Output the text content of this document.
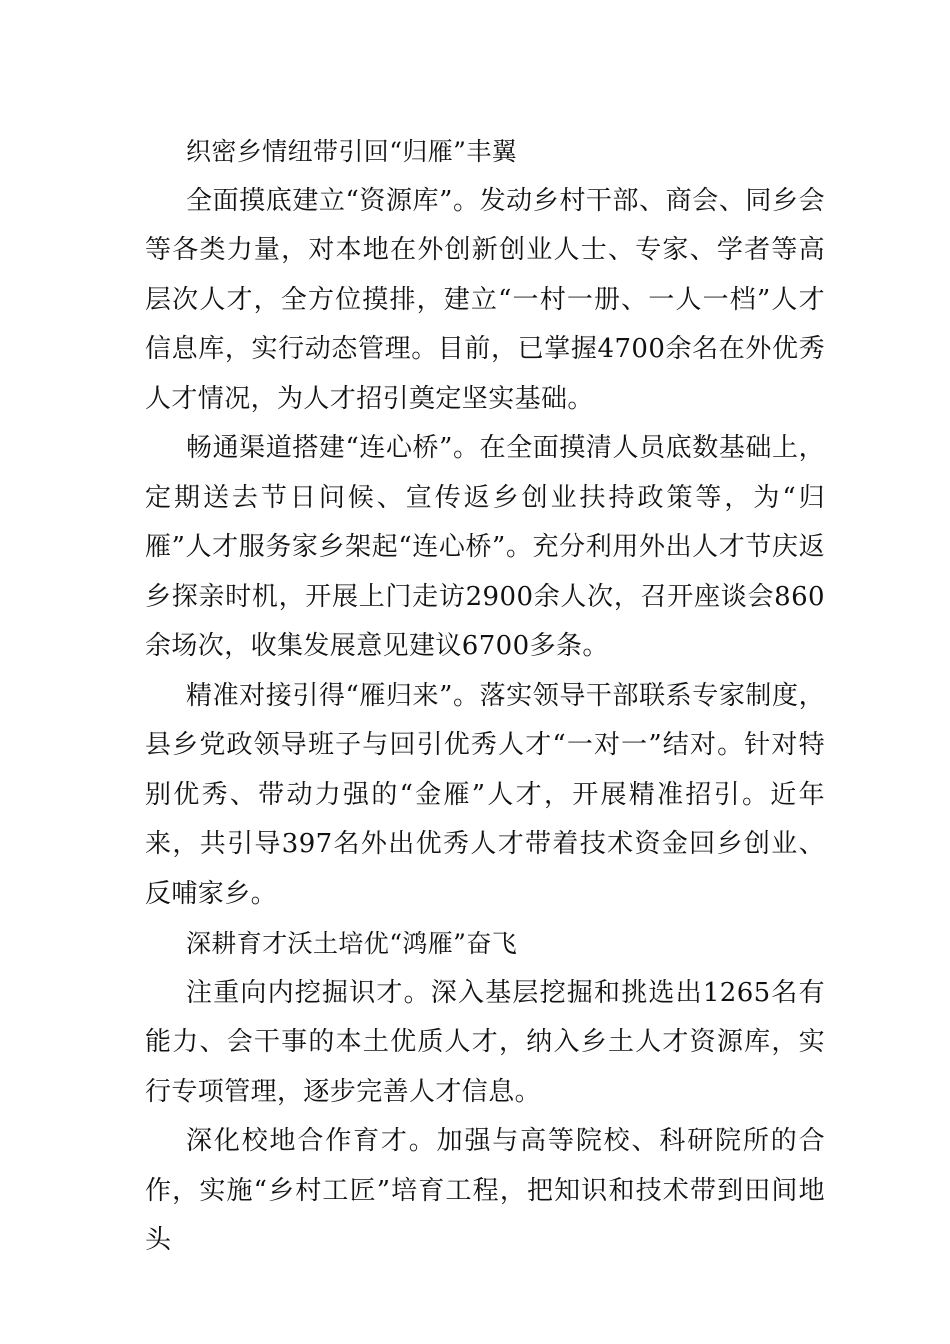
织密乡情纽带引回“归雁”丰翼

全面摸底建立“资源库”。发动乡村干部、商会、同乡会等各类力量，对本地在外创新创业人士、专家、学者等高层次人才，全方位摸排，建立“一村一册、一人一档”人才信息库，实行动态管理。目前，已掌握4700余名在外优秀人才情况，为人才招引奠定坚实基础。

畅通渠道搭建“连心桥”。在全面摸清人员底数基础上，定期送去节日问候、宣传返乡创业扶持政策等，为“归雁”人才服务家乡架起“连心桥”。充分利用外出人才节庆返乡探亲时机，开展上门走访2900余人次，召开座谈会860余场次，收集发展意见建议6700多条。

精准对接引得“雁归来”。落实领导干部联系专家制度，县乡党政领导班子与回引优秀人才“一对一”结对。针对特别优秀、带动力强的“金雁”人才，开展精准招引。近年来，共引导397名外出优秀人才带着技术资金回乡创业、反哺家乡。

深耕育才沃土培优“鸿雁”奋飞

注重向内挖掘识才。深入基层挖掘和挑选出1265名有能力、会干事的本土优质人才，纳入乡土人才资源库，实行专项管理，逐步完善人才信息。

深化校地合作育才。加强与高等院校、科研院所的合作，实施“乡村工匠”培育工程，把知识和技术带到田间地头
